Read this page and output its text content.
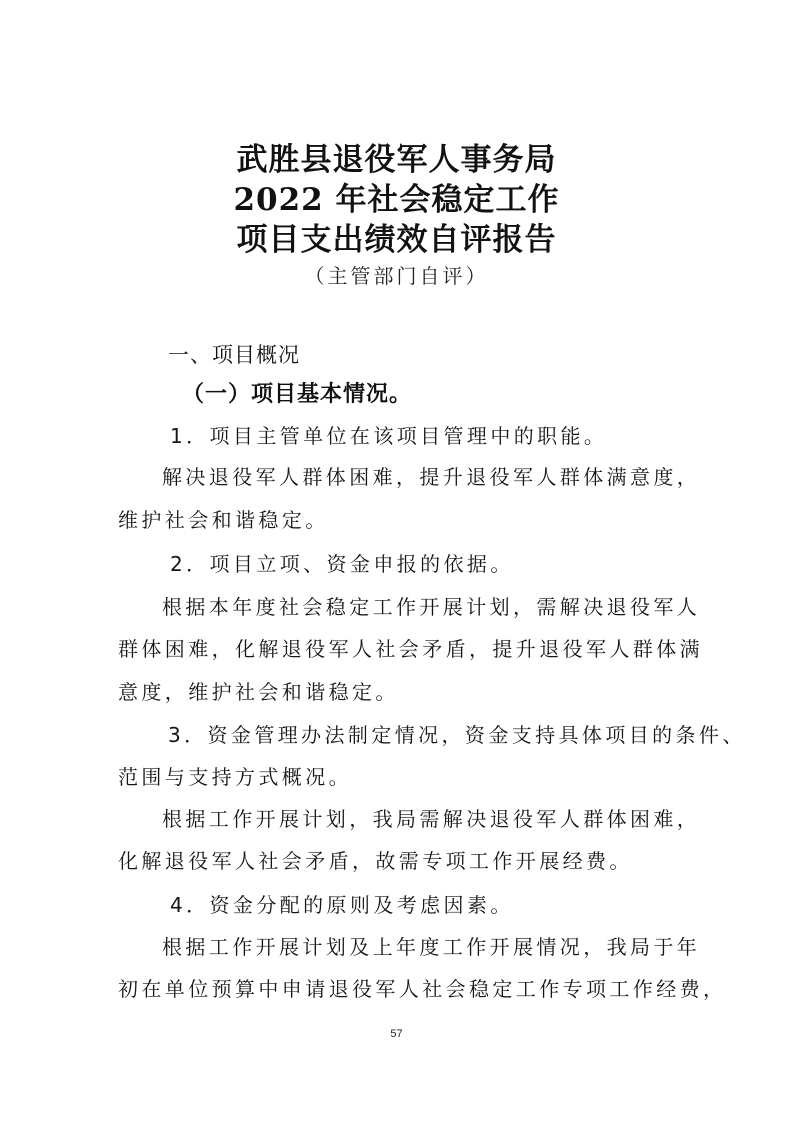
武胜县退役军人事务局
2022 年社会稳定工作
项目支出绩效自评报告
（主管部门自评）
一、项目概况
（一）项目基本情况。
1．项目主管单位在该项目管理中的职能。
解决退役军人群体困难，提升退役军人群体满意度，
维护社会和谐稳定。
2．项目立项、资金申报的依据。
根据本年度社会稳定工作开展计划，需解决退役军人
群体困难，化解退役军人社会矛盾，提升退役军人群体满
意度，维护社会和谐稳定。
3．资金管理办法制定情况，资金支持具体项目的条件、
范围与支持方式概况。
根据工作开展计划，我局需解决退役军人群体困难，
化解退役军人社会矛盾，故需专项工作开展经费。
4．资金分配的原则及考虑因素。
根据工作开展计划及上年度工作开展情况，我局于年
初在单位预算中申请退役军人社会稳定工作专项工作经费，
57
